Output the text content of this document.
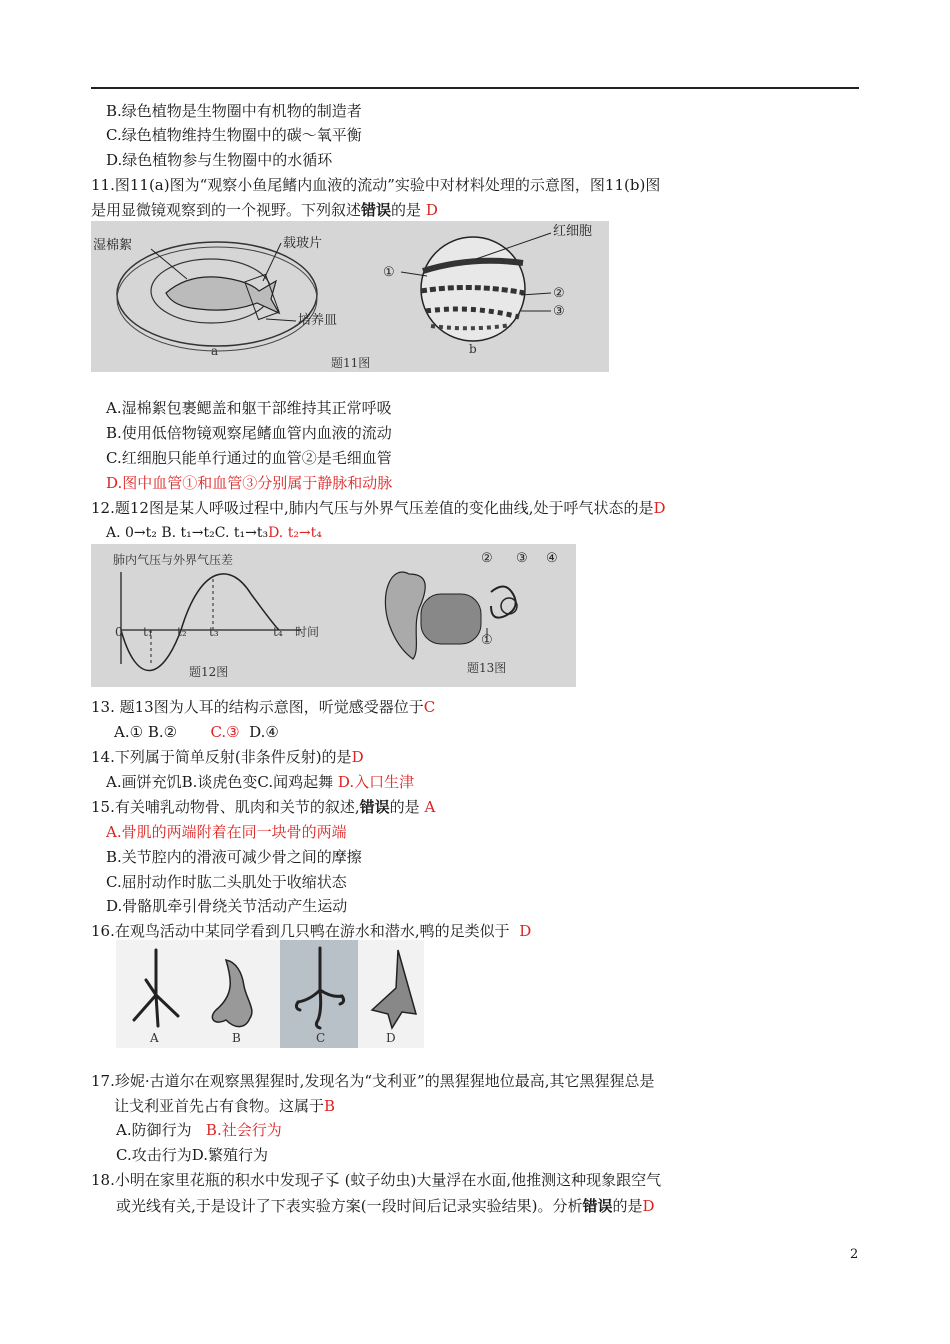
B.绿色植物是生物圈中有机物的制造者
C.绿色植物维持生物圈中的碳～氧平衡
D.绿色植物参与生物圈中的水循环
11.图11(a)图为“观察小鱼尾鳍内血液的流动”实验中对材料处理的示意图，图11(b)图
是用显微镜观察到的一个视野。下列叙述错误的是 D
湿棉絮	载玻片
培养皿
a
红细胞
①
②
③
b
题11图
A.湿棉絮包裹鳃盖和躯干部维持其正常呼吸
B.使用低倍物镜观察尾鳍血管内血液的流动
C.红细胞只能单行通过的血管②是毛细血管
D.图中血管①和血管③分别属于静脉和动脉
12.题12图是某人呼吸过程中,肺内气压与外界气压差值的变化曲线,处于呼气状态的是D
A. 0→t₂ B. t₁→t₂C. t₁→t₃D. t₂→t₄
肺内气压与外界气压差
0 t₁ t₂ t₃	t₄ 时间
题12图
② ③ ④
①
题13图
13. 题13图为人耳的结构示意图，听觉感受器位于C
A.① B.② C.③ D.④
14.下列属于简单反射(非条件反射)的是D
A.画饼充饥B.谈虎色变C.闻鸡起舞 D.入口生津
15.有关哺乳动物骨、肌肉和关节的叙述,错误的是 A
A.骨肌的两端附着在同一块骨的两端
B.关节腔内的滑液可减少骨之间的摩擦
C.屈肘动作时肱二头肌处于收缩状态
D.骨骼肌牵引骨绕关节活动产生运动
16.在观鸟活动中某同学看到几只鸭在游水和潜水,鸭的足类似于 D
A	B	C	D
17.珍妮·古道尔在观察黑猩猩时,发现名为“戈利亚”的黑猩猩地位最高,其它黑猩猩总是
让戈利亚首先占有食物。这属于B
A.防御行为 B.社会行为
C.攻击行为D.繁殖行为
18.小明在家里花瓶的积水中发现孑孓 (蚊子幼虫)大量浮在水面,他推测这种现象跟空气
或光线有关,于是设计了下表实验方案(一段时间后记录实验结果)。分析错误的是D
2
